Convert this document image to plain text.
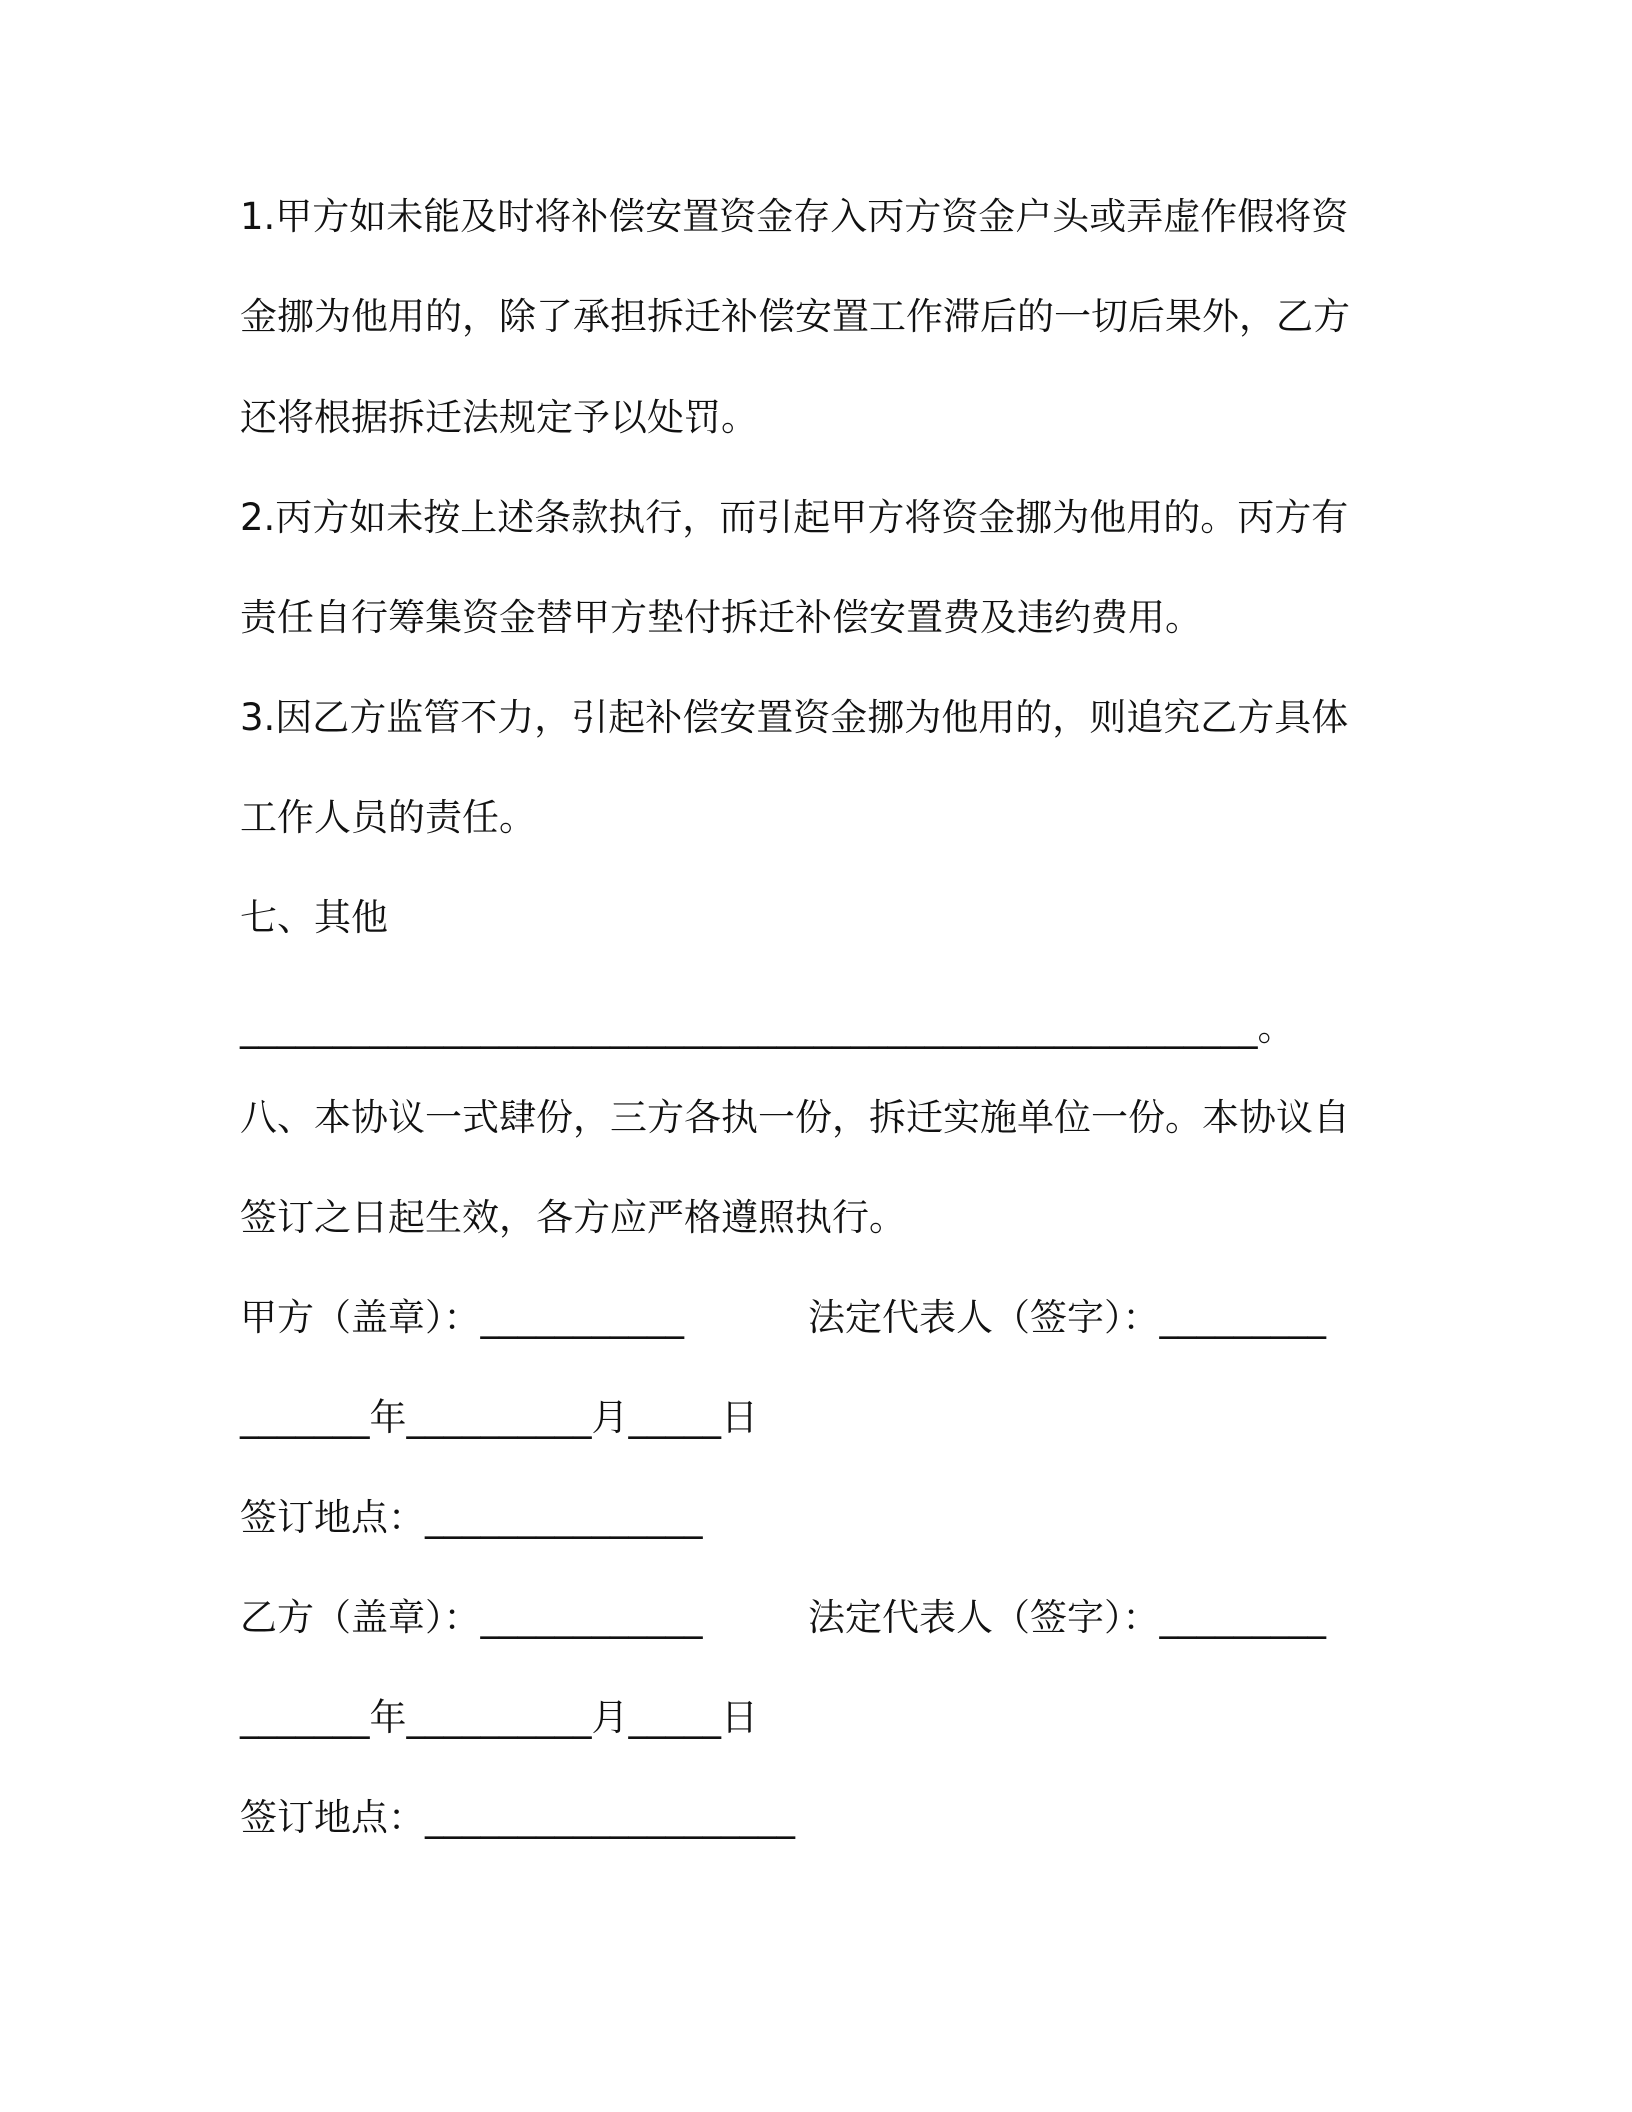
1.甲方如未能及时将补偿安置资金存入丙方资金户头或弄虚作假将资
金挪为他用的，除了承担拆迁补偿安置工作滞后的一切后果外，乙方
还将根据拆迁法规定予以处罚。
2.丙方如未按上述条款执行，而引起甲方将资金挪为他用的。丙方有
责任自行筹集资金替甲方垫付拆迁补偿安置费及违约费用。
3.因乙方监管不力，引起补偿安置资金挪为他用的，则追究乙方具体
工作人员的责任。
七、其他
_______________________________________________________。
八、本协议一式肆份，三方各执一份，拆迁实施单位一份。本协议自
签订之日起生效，各方应严格遵照执行。
甲方（盖章）：___________	法定代表人（签字）：_________
_______年__________月_____日
签订地点：_______________
乙方（盖章）：____________	法定代表人（签字）：_________
_______年__________月_____日
签订地点：____________________
